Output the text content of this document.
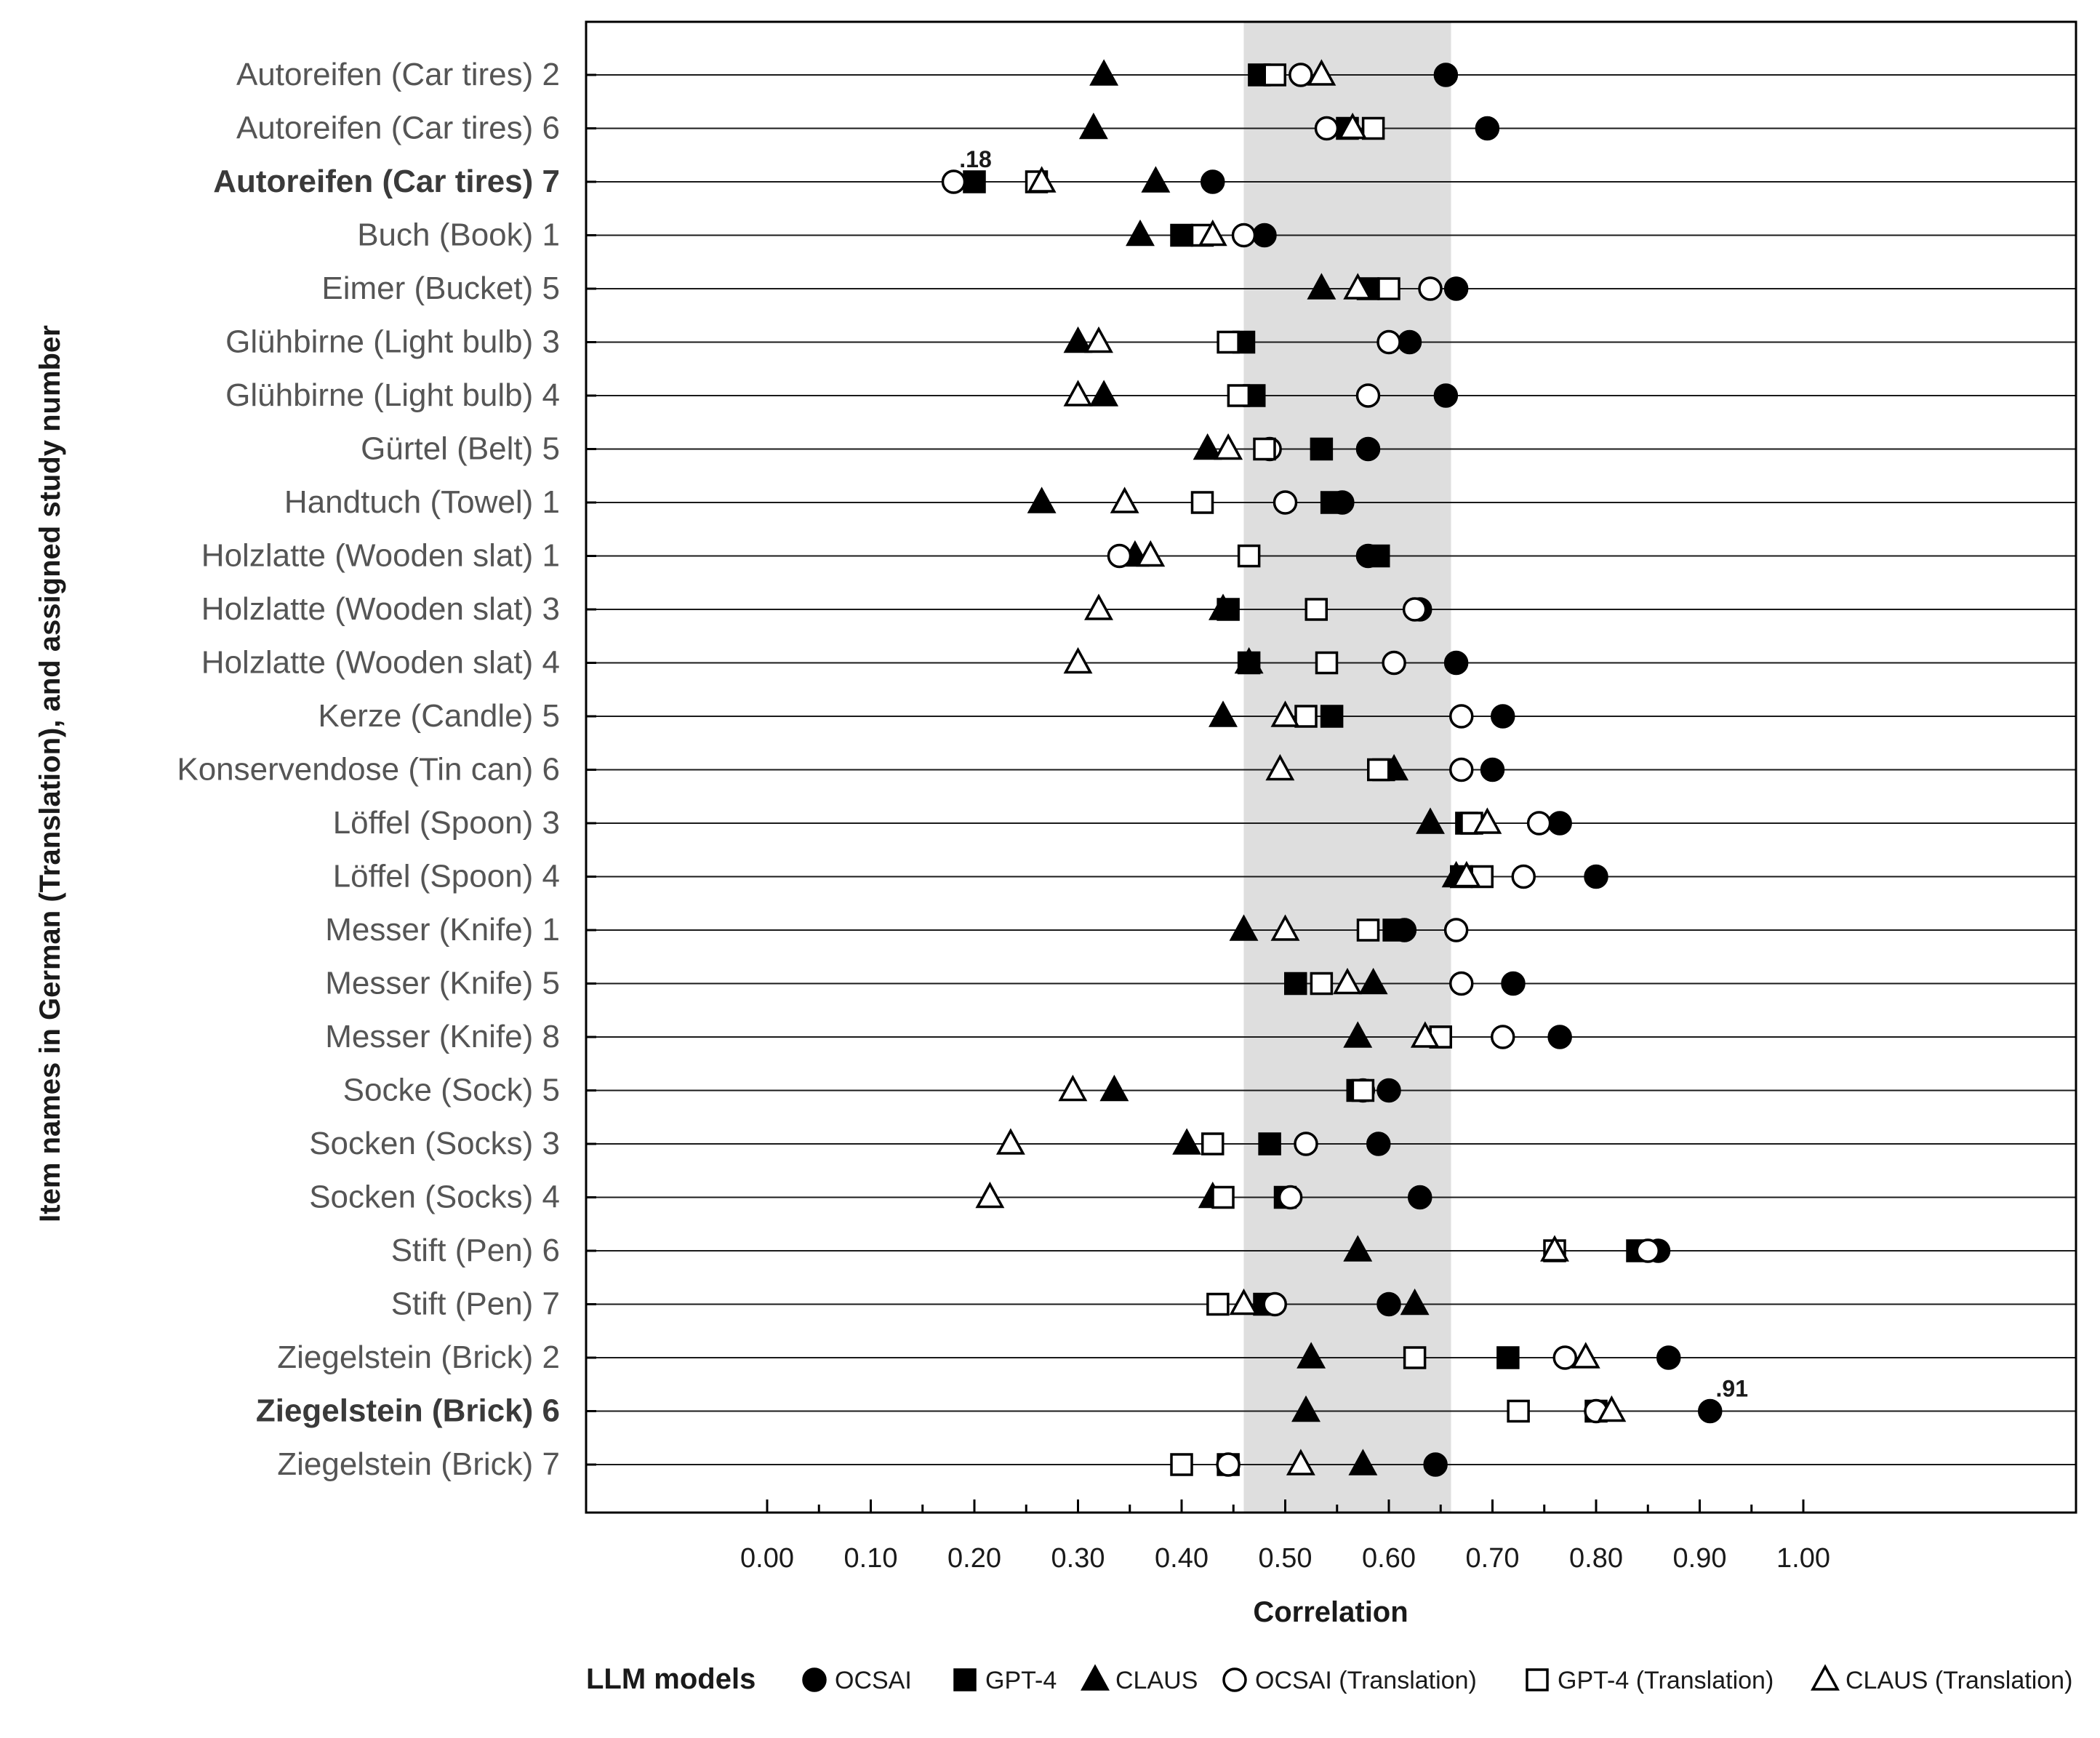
.18
.91
Autoreifen (Car tires) 2
Autoreifen (Car tires) 6
Autoreifen (Car tires) 7
Buch (Book) 1
Eimer (Bucket) 5
Glühbirne (Light bulb) 3
Glühbirne (Light bulb) 4
Gürtel (Belt) 5
Handtuch (Towel) 1
Holzlatte (Wooden slat) 1
Holzlatte (Wooden slat) 3
Holzlatte (Wooden slat) 4
Kerze (Candle) 5
Konservendose (Tin can) 6
Löffel (Spoon) 3
Löffel (Spoon) 4
Messer (Knife) 1
Messer (Knife) 5
Messer (Knife) 8
Socke (Sock) 5
Socken (Socks) 3
Socken (Socks) 4
Stift (Pen) 6
Stift (Pen) 7
Ziegelstein (Brick) 2
Ziegelstein (Brick) 6
Ziegelstein (Brick) 7
0.00 0.10 0.20 0.30 0.40 0.50 0.60 0.70 0.80 0.90 1.00
Correlation
Item names in German (Translation), and assigned study number
LLM models	OCSAI	GPT-4 CLAUS OCSAI (Translation)	GPT-4 (Translation)	CLAUS (Translation)
